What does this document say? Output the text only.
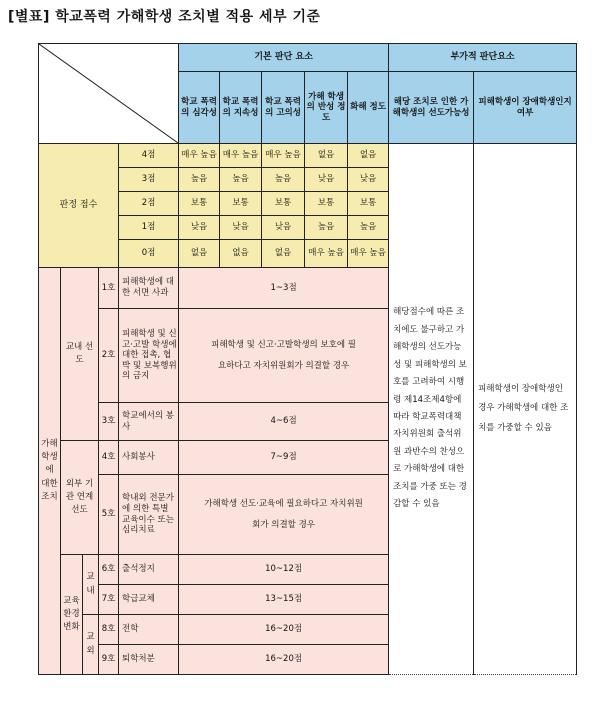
[별표] 학교폭력 가해학생 조치별 적용 세부 기준
	기본 판단 요소					부가적 판단요소	
					학교 폭력의 심각성	학교 폭력의 지속성	학교 폭력의 고의성	가해 학생의 반성 정도	화해 정도	해당 조치로 인한 가해학생의 선도가능성	피해학생이 장애학생인지 여부
판정 점수				4점	매우 높음	매우 높음	매우 높음	없음	없음	해당점수에 따른 조치에도 불구하고 가해학생의 선도가능성 및 피해학생의 보호를 고려하여 시행령 제14조제4항에 따라 학교폭력대책자치위원회 출석위원 과반수의 찬성으로 가해학생에 대한 조치를 가중 또는 경감할 수 있음	피해학생이 장애학생인 경우 가해학생에 대한 조치를 가중할 수 있음
				3점	높음	높음	높음	낮음	낮음		
				2점	보통	보통	보통	보통	보통		
				1점	낮음	낮음	낮음	높음	높음		
				0점	없음	없음	없음	매우 높음	매우 높음		
가해학생에 대한 조치	교내 선도		1호	피해학생에 대한 서면 사과	1~3점						
			2호	피해학생 및 신고·고발 학생에 대한 접촉, 협박 및 보복행위의 금지	피해학생 및 신고·고발학생의 보호에 필요하다고 자치위원회가 의결할 경우						
			3호	학교에서의 봉사	4~6점						
	외부 기관 연계 선도		4호	사회봉사	7~9점						
			5호	학내외 전문가에 의한 특별 교육이수 또는 심리치료	가해학생 선도·교육에 필요하다고 자치위원회가 의결할 경우						
	교육환경 변화	교내	6호	출석정지	10~12점						
			7호	학급교체	13~15점						
		교외	8호	전학	16~20점						
			9호	퇴학처분	16~20점						
